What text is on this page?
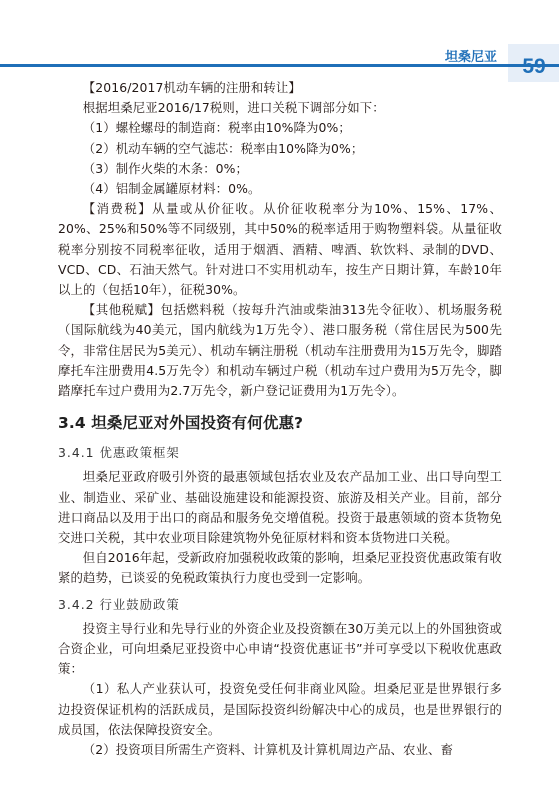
坦桑尼亚	59

【2016/2017机动车辆的注册和转让】

根据坦桑尼亚2016/17税则，进口关税下调部分如下：

（1）螺栓螺母的制造商：税率由10%降为0%；

（2）机动车辆的空气滤芯：税率由10%降为0%；

（3）制作火柴的木条：0%；

（4）铝制金属罐原材料：0%。

【消费税】从量或从价征收。从价征收税率分为10%、15%、17%、20%、25%和50%等不同级别，其中50%的税率适用于购物塑料袋。从量征收税率分别按不同税率征收，适用于烟酒、酒精、啤酒、软饮料、录制的DVD、VCD、CD、石油天然气。针对进口不实用机动车，按生产日期计算，车龄10年以上的（包括10年），征税30%。

【其他税赋】包括燃料税（按每升汽油或柴油313先令征收）、机场服务税（国际航线为40美元，国内航线为1万先令）、港口服务税（常住居民为500先令，非常住居民为5美元）、机动车辆注册税（机动车注册费用为15万先令，脚踏摩托车注册费用4.5万先令）和机动车辆过户税（机动车过户费用为5万先令，脚踏摩托车过户费用为2.7万先令，新户登记证费用为1万先令）。

3.4 坦桑尼亚对外国投资有何优惠?

3.4.1 优惠政策框架

坦桑尼亚政府吸引外资的最惠领域包括农业及农产品加工业、出口导向型工业、制造业、采矿业、基础设施建设和能源投资、旅游及相关产业。目前，部分进口商品以及用于出口的商品和服务免交增值税。投资于最惠领域的资本货物免交进口关税，其中农业项目除建筑物外免征原材料和资本货物进口关税。

但自2016年起，受新政府加强税收政策的影响，坦桑尼亚投资优惠政策有收紧的趋势，已谈妥的免税政策执行力度也受到一定影响。

3.4.2 行业鼓励政策

投资主导行业和先导行业的外资企业及投资额在30万美元以上的外国独资或合资企业，可向坦桑尼亚投资中心申请“投资优惠证书”并可享受以下税收优惠政策：

（1）私人产业获认可，投资免受任何非商业风险。坦桑尼亚是世界银行多边投资保证机构的活跃成员，是国际投资纠纷解决中心的成员，也是世界银行的成员国，依法保障投资安全。

（2）投资项目所需生产资料、计算机及计算机周边产品、农业、畜
